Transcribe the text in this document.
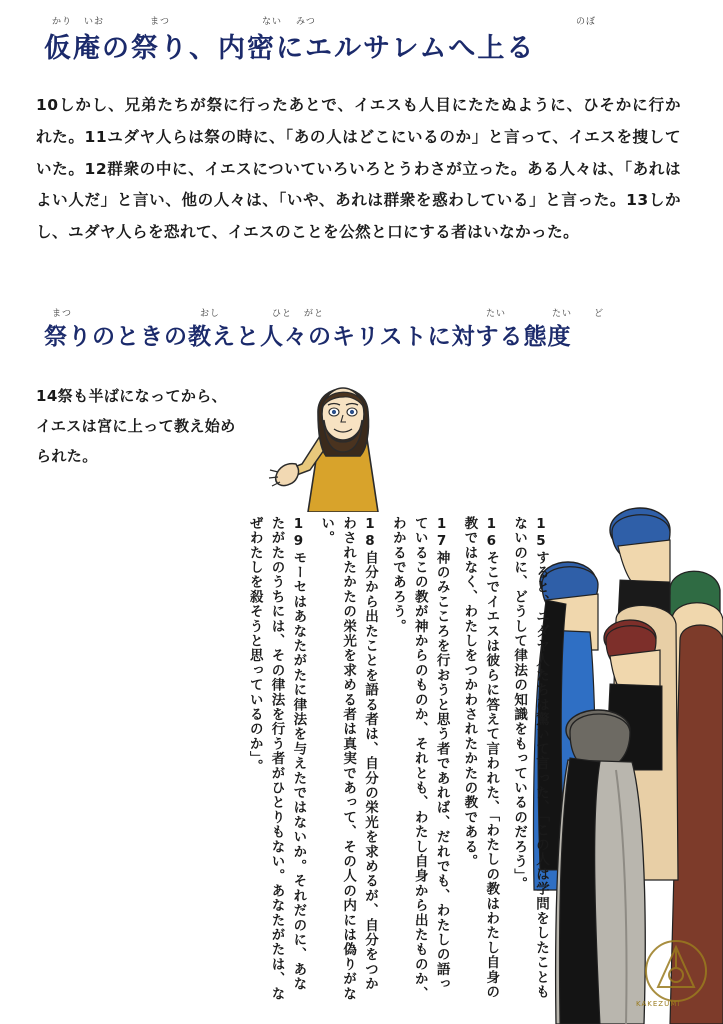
かり いお	まつ	ない みつ	のぼ
仮庵の祭り、内密にエルサレムへ上る
10しかし、兄弟たちが祭に行ったあとで、イエスも人目にたたぬように、ひそかに行かれた。11ユダヤ人らは祭の時に、「あの人はどこにいるのか」と言って、イエスを捜していた。12群衆の中に、イエスについていろいろとうわさが立った。ある人々は、「あれはよい人だ」と言い、他の人々は、「いや、あれは群衆を惑わしている」と言った。13しかし、ユダヤ人らを恐れて、イエスのことを公然と口にする者はいなかった。
まつ	おし	ひと がと	たい	たい ど
祭りのときの教えと人々のキリストに対する態度
14祭も半ばになってから、イエスは宮に上って教え始められた。
15すると、ユダヤ人たちは驚いて言った、「この人は学問をしたこともないのに、どうして律法の知識をもっているのだろう」。
16そこでイエスは彼らに答えて言われた、「わたしの教はわたし自身の教ではなく、わたしをつかわされたかたの教である。
17神のみこころを行おうと思う者であれば、だれでも、わたしの語っているこの教が神からのものか、それとも、わたし自身から出たものか、わかるであろう。
18自分から出たことを語る者は、自分の栄光を求めるが、自分をつかわされたかたの栄光を求める者は真実であって、その人の内には偽りがない。
19モーセはあなたがたに律法を与えたではないか。それだのに、あなたがたのうちには、その律法を行う者がひとりもない。あなたがたは、なぜわたしを殺そうと思っているのか」。
KAKEZUMI
